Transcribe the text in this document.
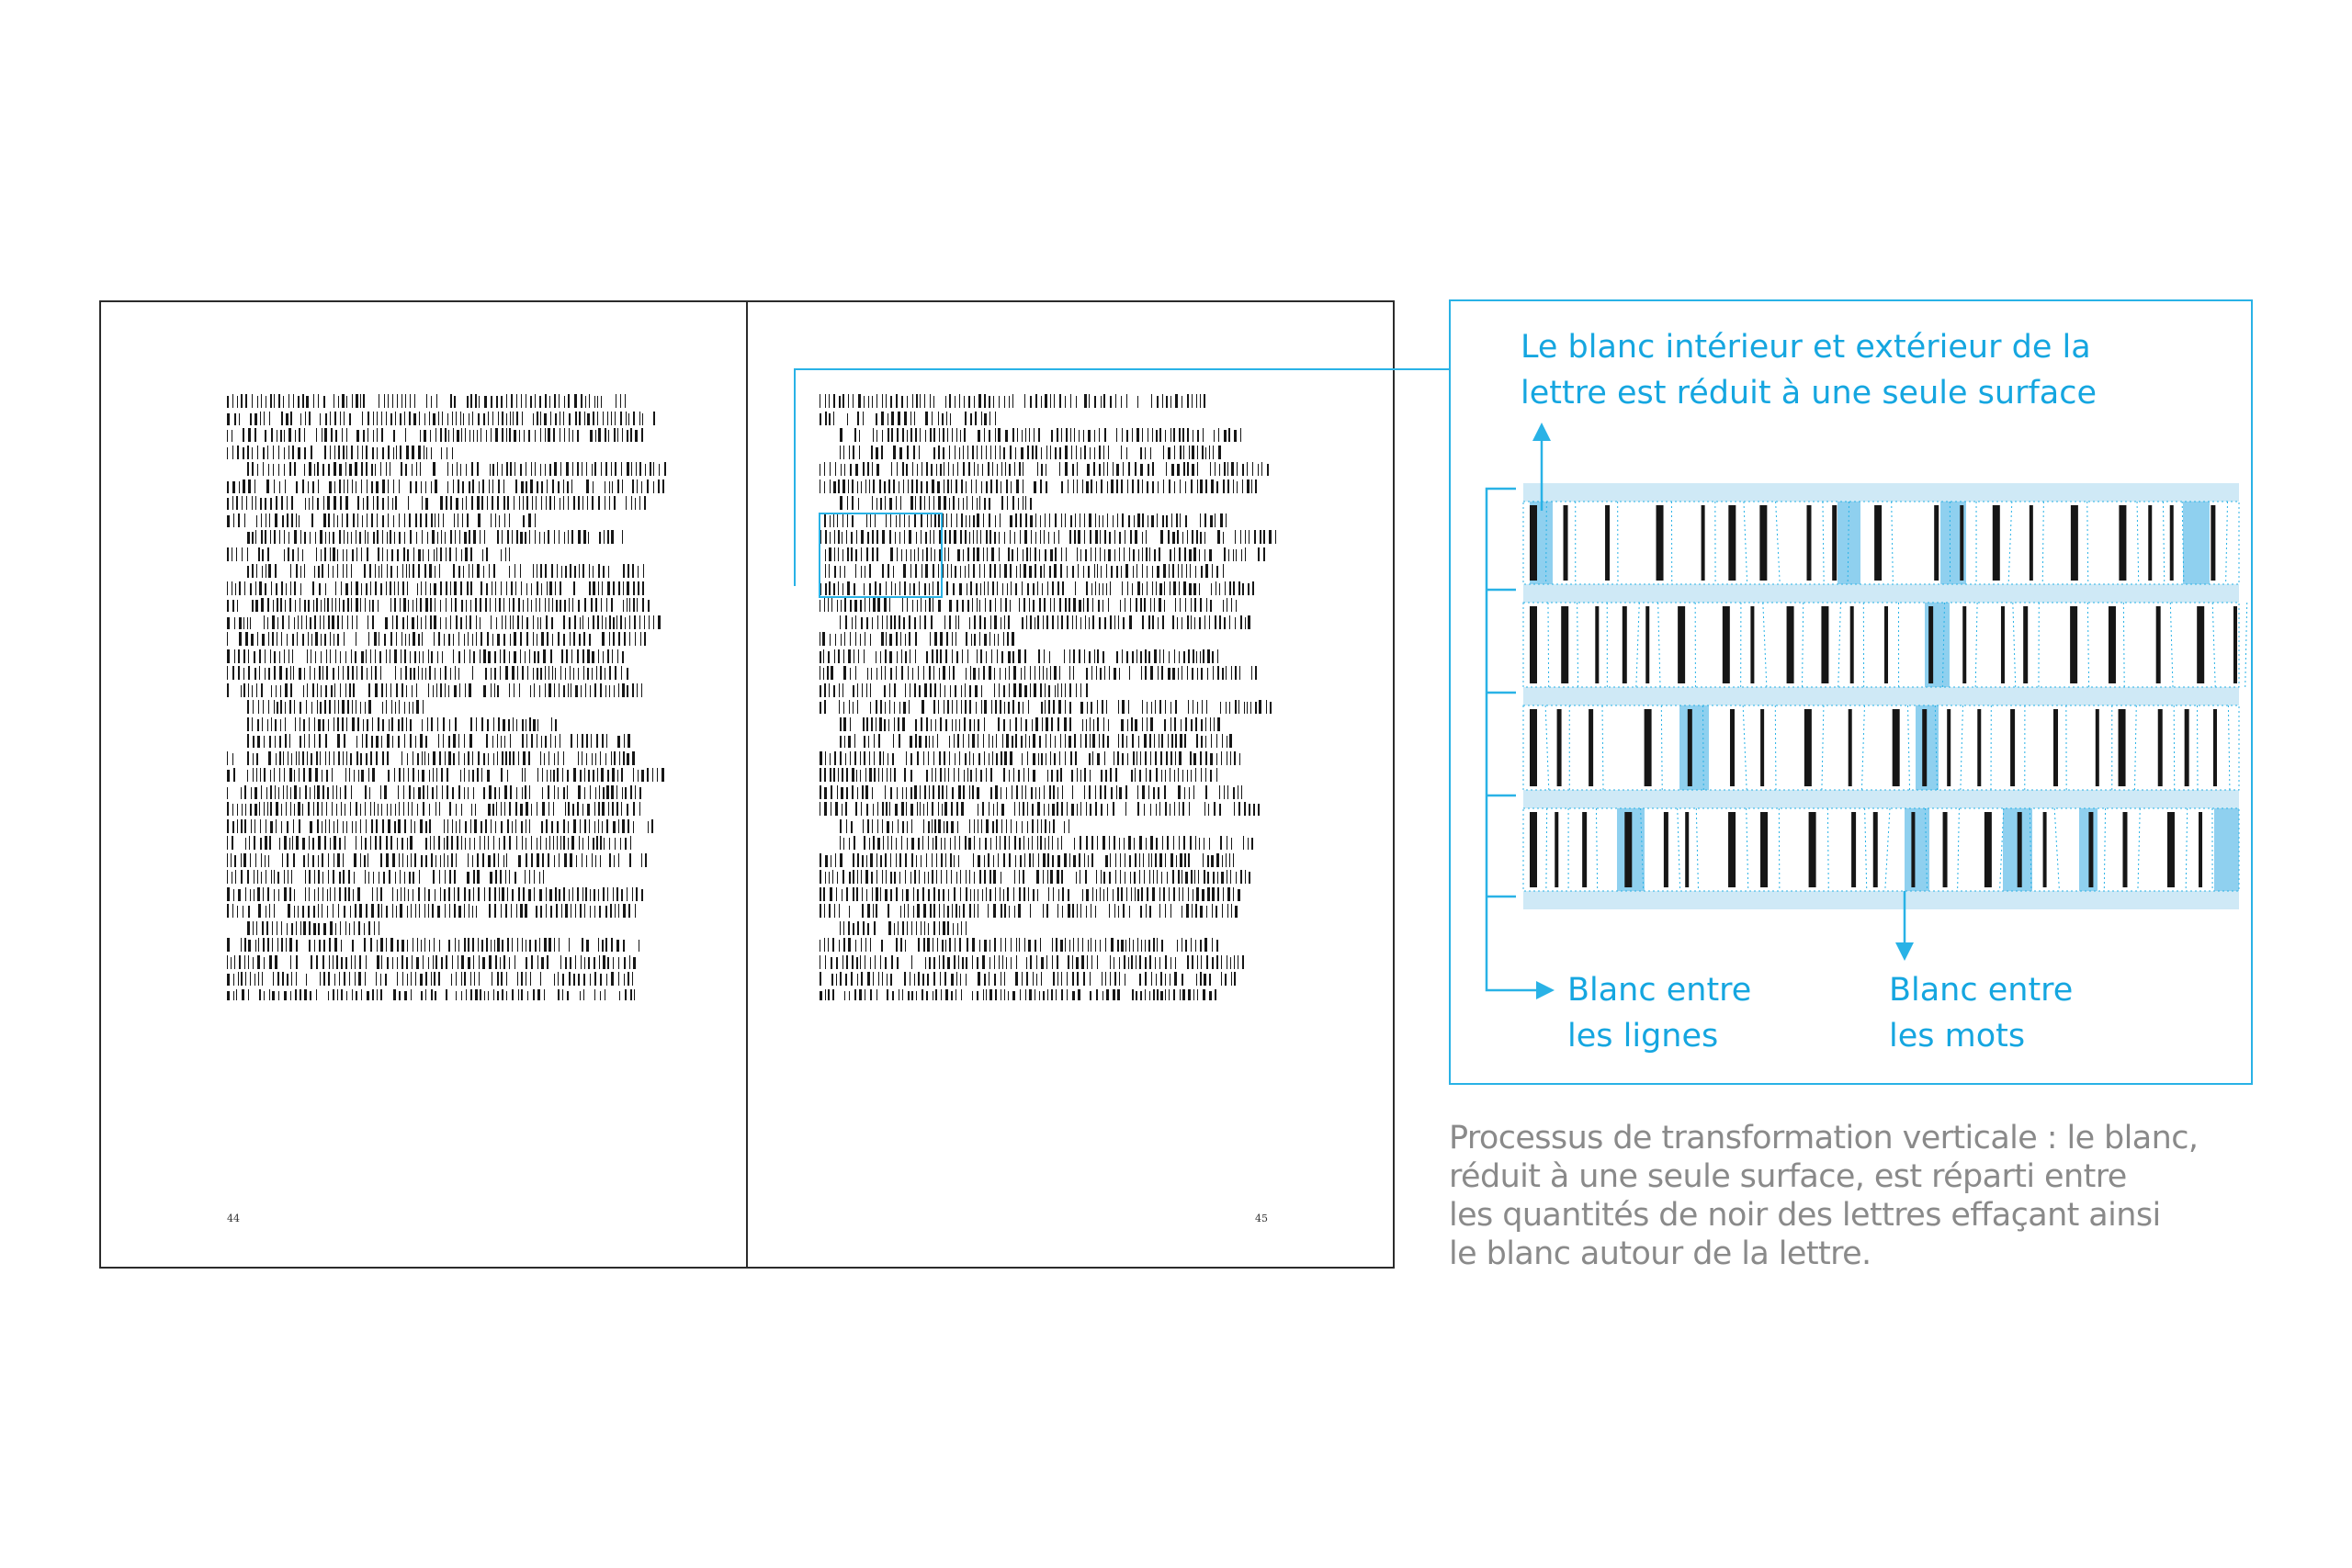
44	45
Le blanc intérieur et extérieur de la
lettre est réduit à une seule surface
Blanc entre
les lignes
Blanc entre
les mots
Processus de transformation verticale : le blanc,
réduit à une seule surface, est réparti entre
les quantités de noir des lettres effaçant ainsi
le blanc autour de la lettre.
